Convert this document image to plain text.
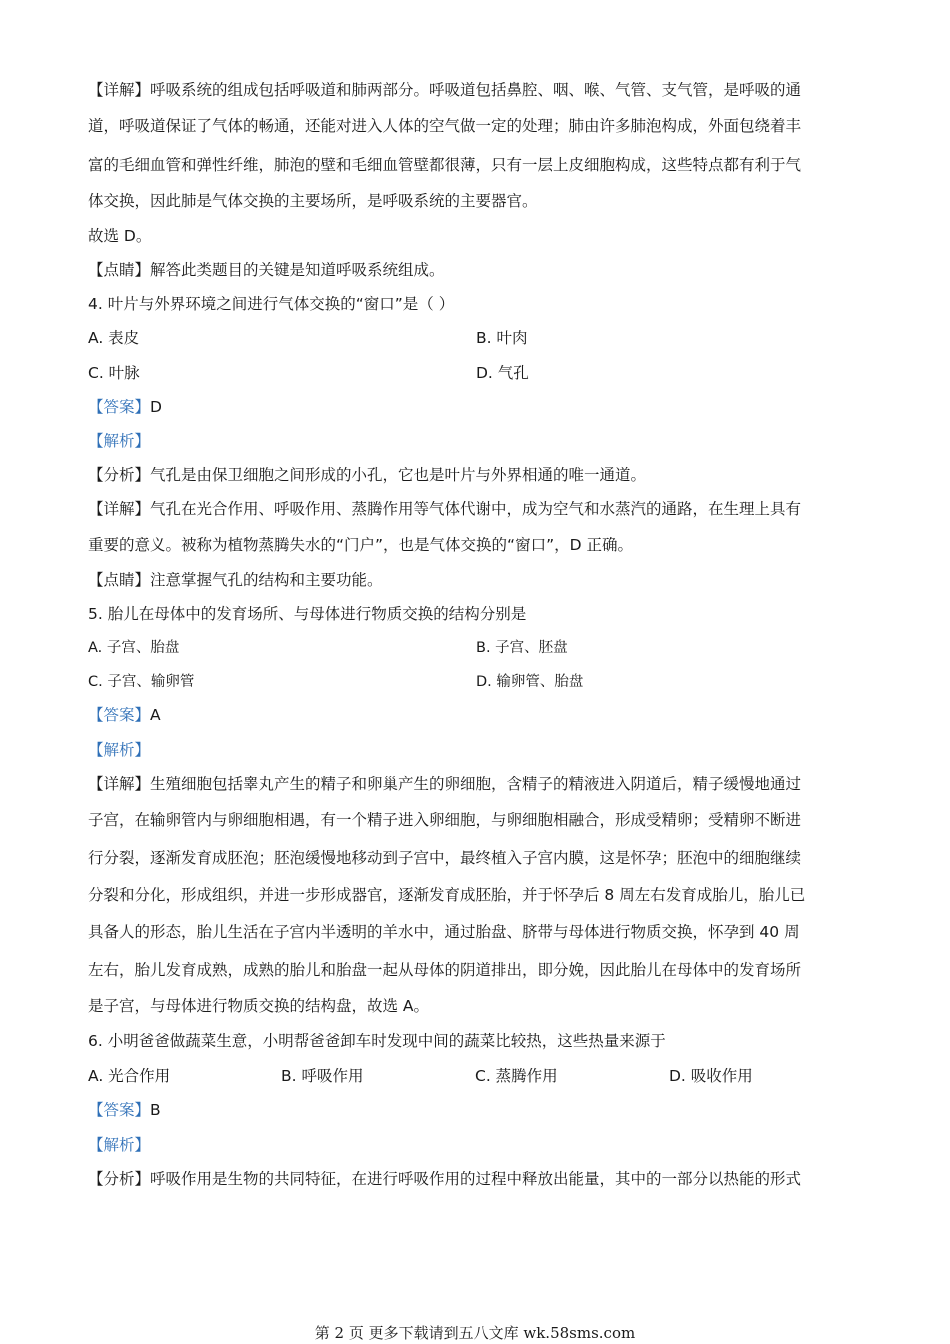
【详解】呼吸系统的组成包括呼吸道和肺两部分。呼吸道包括鼻腔、咽、喉、气管、支气管，是呼吸的通
道，呼吸道保证了气体的畅通，还能对进入人体的空气做一定的处理；肺由许多肺泡构成，外面包绕着丰
富的毛细血管和弹性纤维，肺泡的壁和毛细血管壁都很薄，只有一层上皮细胞构成，这些特点都有利于气
体交换，因此肺是气体交换的主要场所，是呼吸系统的主要器官。
故选 D。
【点睛】解答此类题目的关键是知道呼吸系统组成。
4. 叶片与外界环境之间进行气体交换的“窗口”是（ ）
A. 表皮	B. 叶肉
C. 叶脉	D. 气孔
【答案】D
【解析】
【分析】气孔是由保卫细胞之间形成的小孔，它也是叶片与外界相通的唯一通道。
【详解】气孔在光合作用、呼吸作用、蒸腾作用等气体代谢中，成为空气和水蒸汽的通路，在生理上具有
重要的意义。被称为植物蒸腾失水的“门户”，也是气体交换的“窗口”，D 正确。
【点睛】注意掌握气孔的结构和主要功能。
5. 胎儿在母体中的发育场所、与母体进行物质交换的结构分别是
A. 子宫、胎盘	B. 子宫、胚盘
C. 子宫、输卵管	D. 输卵管、胎盘
【答案】A
【解析】
【详解】生殖细胞包括睾丸产生的精子和卵巢产生的卵细胞，含精子的精液进入阴道后，精子缓慢地通过
子宫，在输卵管内与卵细胞相遇，有一个精子进入卵细胞，与卵细胞相融合，形成受精卵；受精卵不断进
行分裂，逐渐发育成胚泡；胚泡缓慢地移动到子宫中，最终植入子宫内膜，这是怀孕；胚泡中的细胞继续
分裂和分化，形成组织，并进一步形成器官，逐渐发育成胚胎，并于怀孕后 8 周左右发育成胎儿，胎儿已
具备人的形态，胎儿生活在子宫内半透明的羊水中，通过胎盘、脐带与母体进行物质交换，怀孕到 40 周
左右，胎儿发育成熟，成熟的胎儿和胎盘一起从母体的阴道排出，即分娩，因此胎儿在母体中的发育场所
是子宫，与母体进行物质交换的结构盘，故选 A。
6. 小明爸爸做蔬菜生意，小明帮爸爸卸车时发现中间的蔬菜比较热，这些热量来源于
A. 光合作用	B. 呼吸作用	C. 蒸腾作用	D. 吸收作用
【答案】B
【解析】
【分析】呼吸作用是生物的共同特征，在进行呼吸作用的过程中释放出能量，其中的一部分以热能的形式
第 2 页 更多下载请到五八文库 wk.58sms.com
